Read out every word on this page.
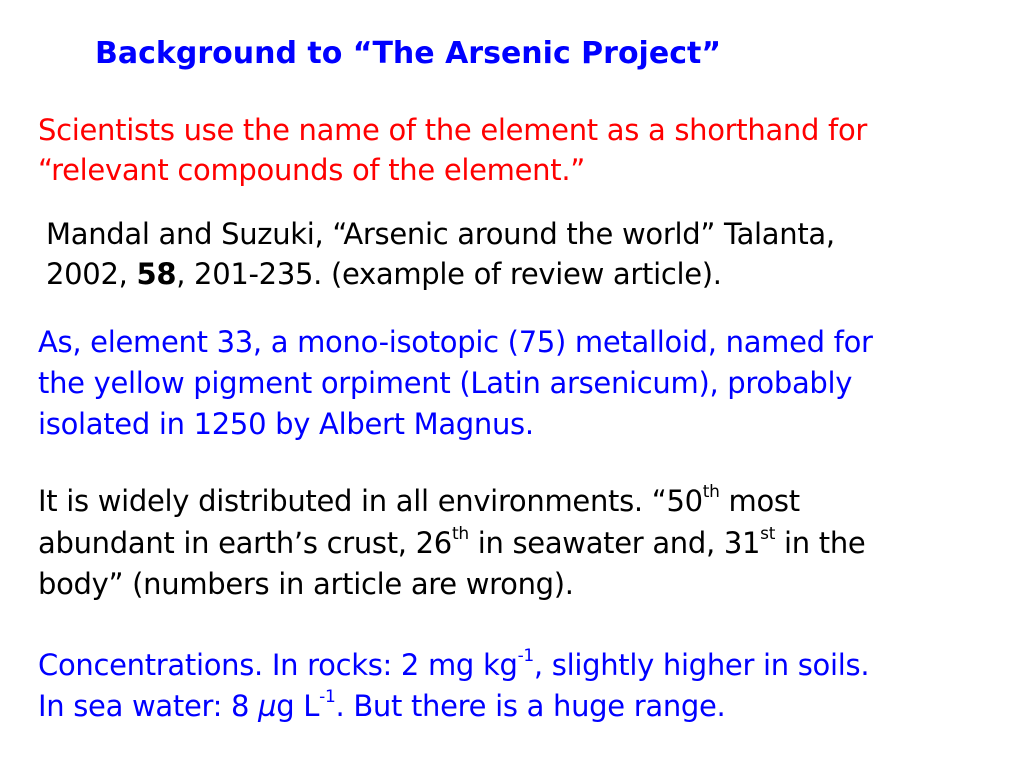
Background to “The Arsenic Project”
Scientists use the name of the element as a shorthand for
“relevant compounds of the element.”
Mandal and Suzuki, “Arsenic around the world” Talanta,
2002, 58, 201-235. (example of review article).
As, element 33, a mono-isotopic (75) metalloid, named for
the yellow pigment orpiment (Latin arsenicum), probably
isolated in 1250 by Albert Magnus.
It is widely distributed in all environments. “50th most
abundant in earth’s crust, 26th in seawater and, 31st in the
body” (numbers in article are wrong).
Concentrations. In rocks: 2 mg $kg^{-1}$, slightly higher in soils.
In sea water: 8 µg $L^{-1}$. But there is a huge range.
